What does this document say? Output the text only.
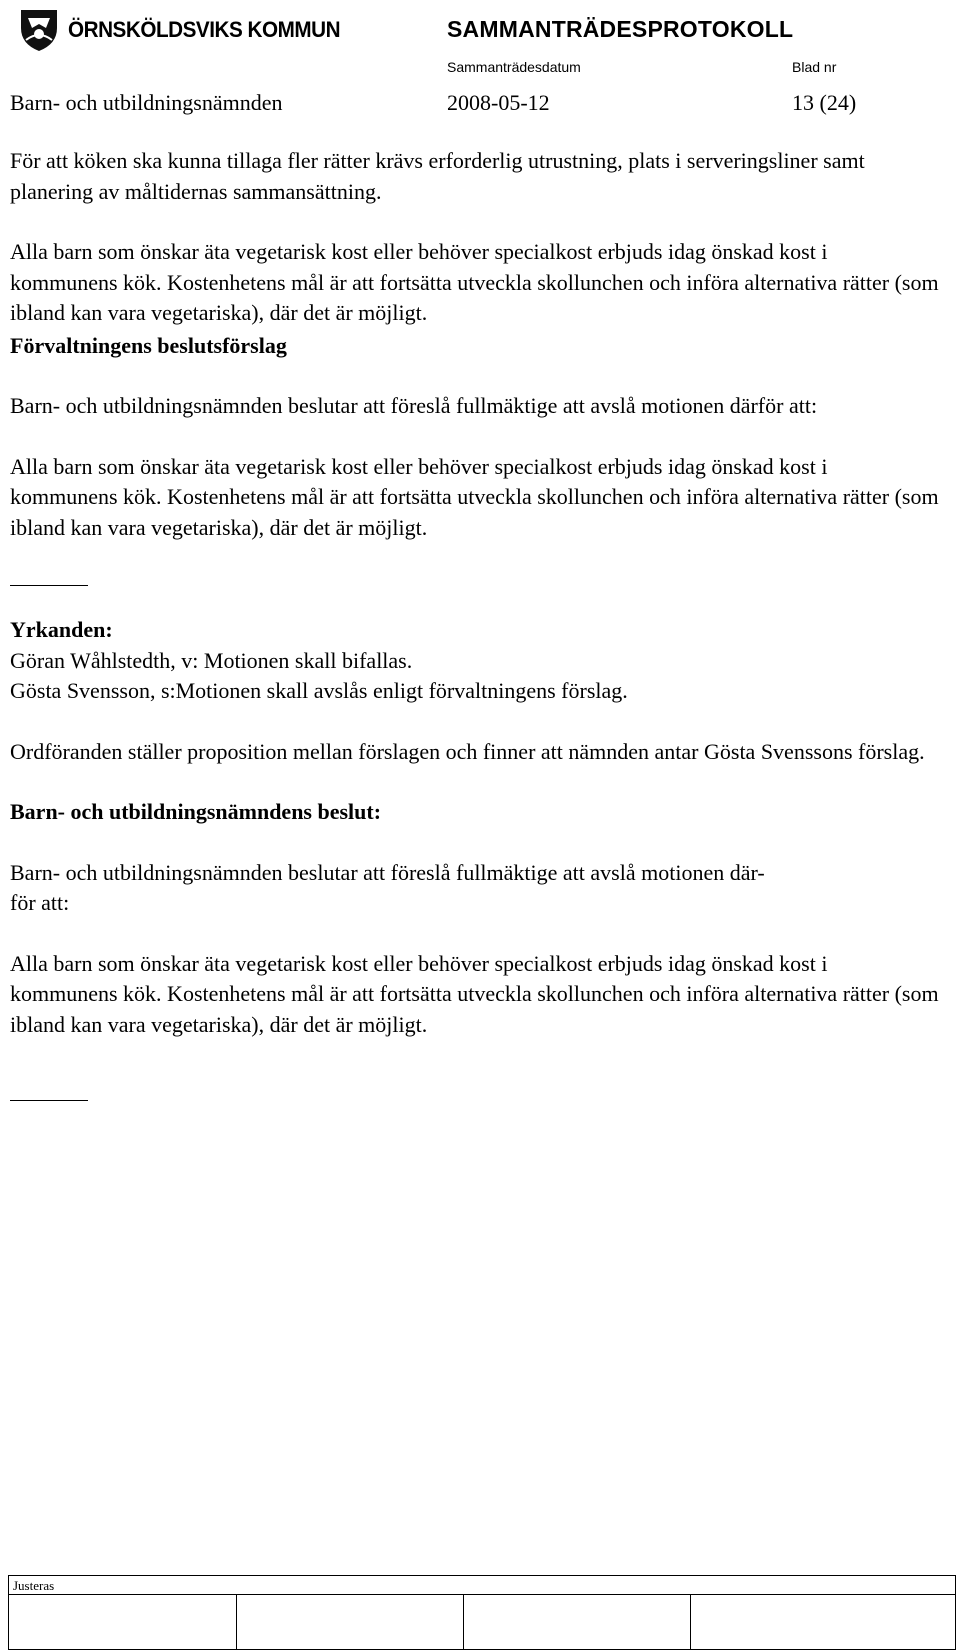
ÖRNSKÖLDSVIKS KOMMUN	SAMMANTRÄDESPROTOKOLL
Sammanträdesdatum	Blad nr
Barn- och utbildningsnämnden	2008-05-12	13 (24)

För att köken ska kunna tillaga fler rätter krävs erforderlig utrustning, plats i serveringsliner samt planering av måltidernas sammansättning.

Alla barn som önskar äta vegetarisk kost eller behöver specialkost erbjuds idag önskad kost i kommunens kök. Kostenhetens mål är att fortsätta utveckla skollunchen och införa alternativa rätter (som ibland kan vara vegetariska), där det är möjligt.

Förvaltningens beslutsförslag

Barn- och utbildningsnämnden beslutar att föreslå fullmäktige att avslå motionen därför att:

Alla barn som önskar äta vegetarisk kost eller behöver specialkost erbjuds idag önskad kost i kommunens kök. Kostenhetens mål är att fortsätta utveckla skollunchen och införa alternativa rätter (som ibland kan vara vegetariska), där det är möjligt.

Yrkanden:

Göran Wåhlstedth, v: Motionen skall bifallas.

Gösta Svensson, s:Motionen skall avslås enligt förvaltningens förslag.

Ordföranden ställer proposition mellan förslagen och finner att nämnden antar Gösta Svenssons förslag.

Barn- och utbildningsnämndens beslut:

Barn- och utbildningsnämnden beslutar att föreslå fullmäktige att avslå motionen där-

för att:

Alla barn som önskar äta vegetarisk kost eller behöver specialkost erbjuds idag önskad kost i kommunens kök. Kostenhetens mål är att fortsätta utveckla skollunchen och införa alternativa rätter (som ibland kan vara vegetariska), där det är möjligt.

Justeras
